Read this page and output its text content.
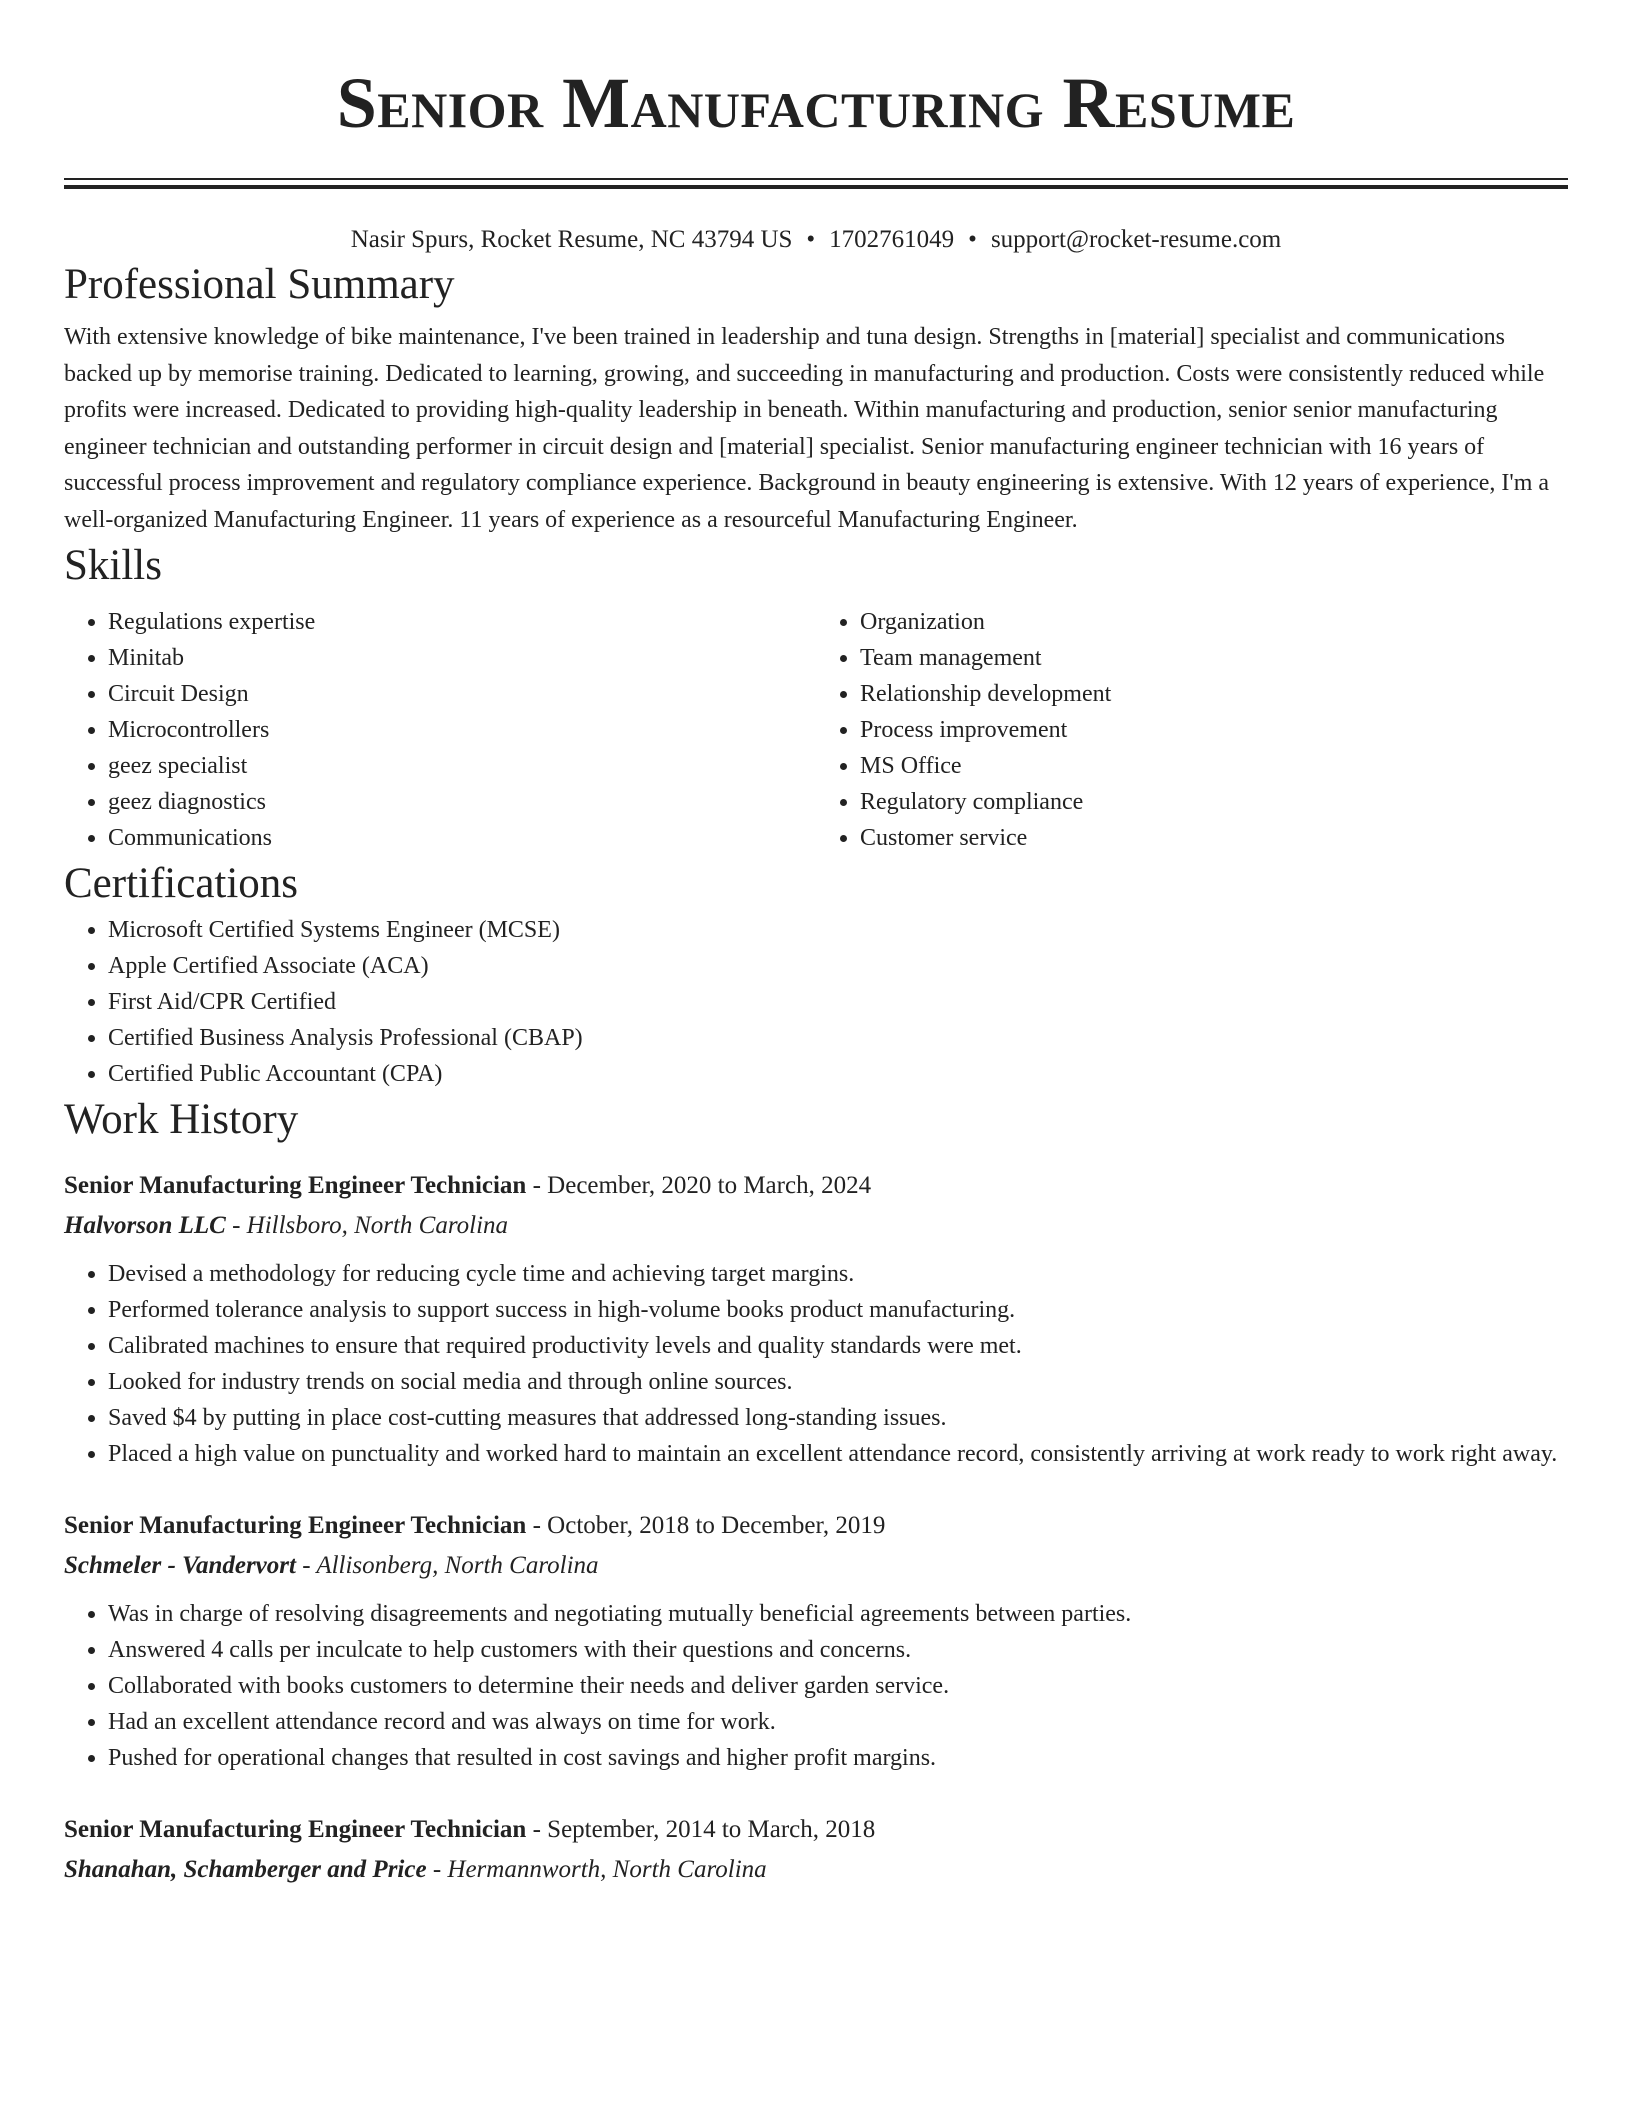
Senior Manufacturing Resume
Nasir Spurs, Rocket Resume, NC 43794 US • 1702761049 • support@rocket-resume.com
Professional Summary

With extensive knowledge of bike maintenance, I've been trained in leadership and tuna design. Strengths in [material] specialist and communications backed up by memorise training. Dedicated to learning, growing, and succeeding in manufacturing and production. Costs were consistently reduced while profits were increased. Dedicated to providing high-quality leadership in beneath. Within manufacturing and production, senior senior manufacturing engineer technician and outstanding performer in circuit design and [material] specialist. Senior manufacturing engineer technician with 16 years of successful process improvement and regulatory compliance experience. Background in beauty engineering is extensive. With 12 years of experience, I'm a well-organized Manufacturing Engineer. 11 years of experience as a resourceful Manufacturing Engineer.

Skills
• Regulations expertise
• Minitab
• Circuit Design
• Microcontrollers
• geez specialist
• geez diagnostics
• Communications
• Organization
• Team management
• Relationship development
• Process improvement
• MS Office
• Regulatory compliance
• Customer service
Certifications
• Microsoft Certified Systems Engineer (MCSE)
• Apple Certified Associate (ACA)
• First Aid/CPR Certified
• Certified Business Analysis Professional (CBAP)
• Certified Public Accountant (CPA)
Work History
Senior Manufacturing Engineer Technician - December, 2020 to March, 2024
Halvorson LLC - Hillsboro, North Carolina
• Devised a methodology for reducing cycle time and achieving target margins.
• Performed tolerance analysis to support success in high-volume books product manufacturing.
• Calibrated machines to ensure that required productivity levels and quality standards were met.
• Looked for industry trends on social media and through online sources.
• Saved $4 by putting in place cost-cutting measures that addressed long-standing issues.
• Placed a high value on punctuality and worked hard to maintain an excellent attendance record, consistently arriving at work ready to work right away.
Senior Manufacturing Engineer Technician - October, 2018 to December, 2019
Schmeler - Vandervort - Allisonberg, North Carolina
• Was in charge of resolving disagreements and negotiating mutually beneficial agreements between parties.
• Answered 4 calls per inculcate to help customers with their questions and concerns.
• Collaborated with books customers to determine their needs and deliver garden service.
• Had an excellent attendance record and was always on time for work.
• Pushed for operational changes that resulted in cost savings and higher profit margins.
Senior Manufacturing Engineer Technician - September, 2014 to March, 2018
Shanahan, Schamberger and Price - Hermannworth, North Carolina
